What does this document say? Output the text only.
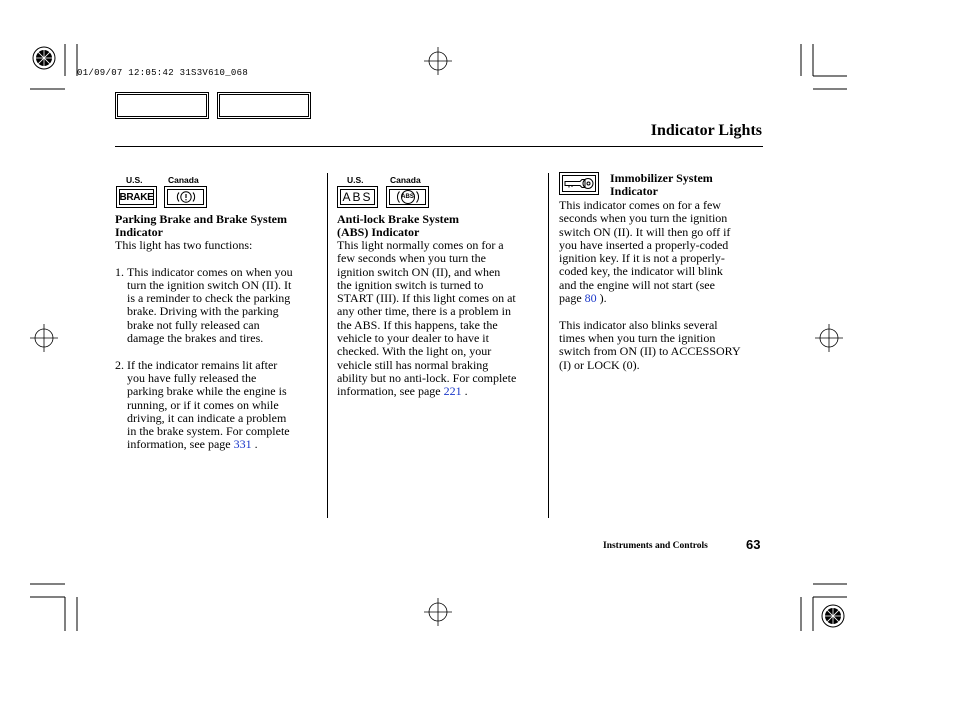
01/09/07 12:05:42 31S3V610_068
Indicator Lights
U.S.	Canada
BRAKE
Parking Brake and Brake System
Indicator
This light has two functions:
1. This indicator comes on when you
turn the ignition switch ON (II). It
is a reminder to check the parking
brake. Driving with the parking
brake not fully released can
damage the brakes and tires.
2. If the indicator remains lit after
you have fully released the
parking brake while the engine is
running, or if it comes on while
driving, it can indicate a problem
in the brake system. For complete
information, see page 331 .
U.S.	Canada
ABS	ABS
Anti-lock Brake System
(ABS) Indicator
This light normally comes on for a
few seconds when you turn the
ignition switch ON (II), and when
the ignition switch is turned to
START (III). If this light comes on at
any other time, there is a problem in
the ABS. If this happens, take the
vehicle to your dealer to have it
checked. With the light on, your
vehicle still has normal braking
ability but no anti-lock. For complete
information, see page 221 .
Immobilizer System
Indicator
This indicator comes on for a few
seconds when you turn the ignition
switch ON (II). It will then go off if
you have inserted a properly-coded
ignition key. If it is not a properly-
coded key, the indicator will blink
and the engine will not start (see
page 80 ).
This indicator also blinks several
times when you turn the ignition
switch from ON (II) to ACCESSORY
(I) or LOCK (0).
Instruments and Controls	63
